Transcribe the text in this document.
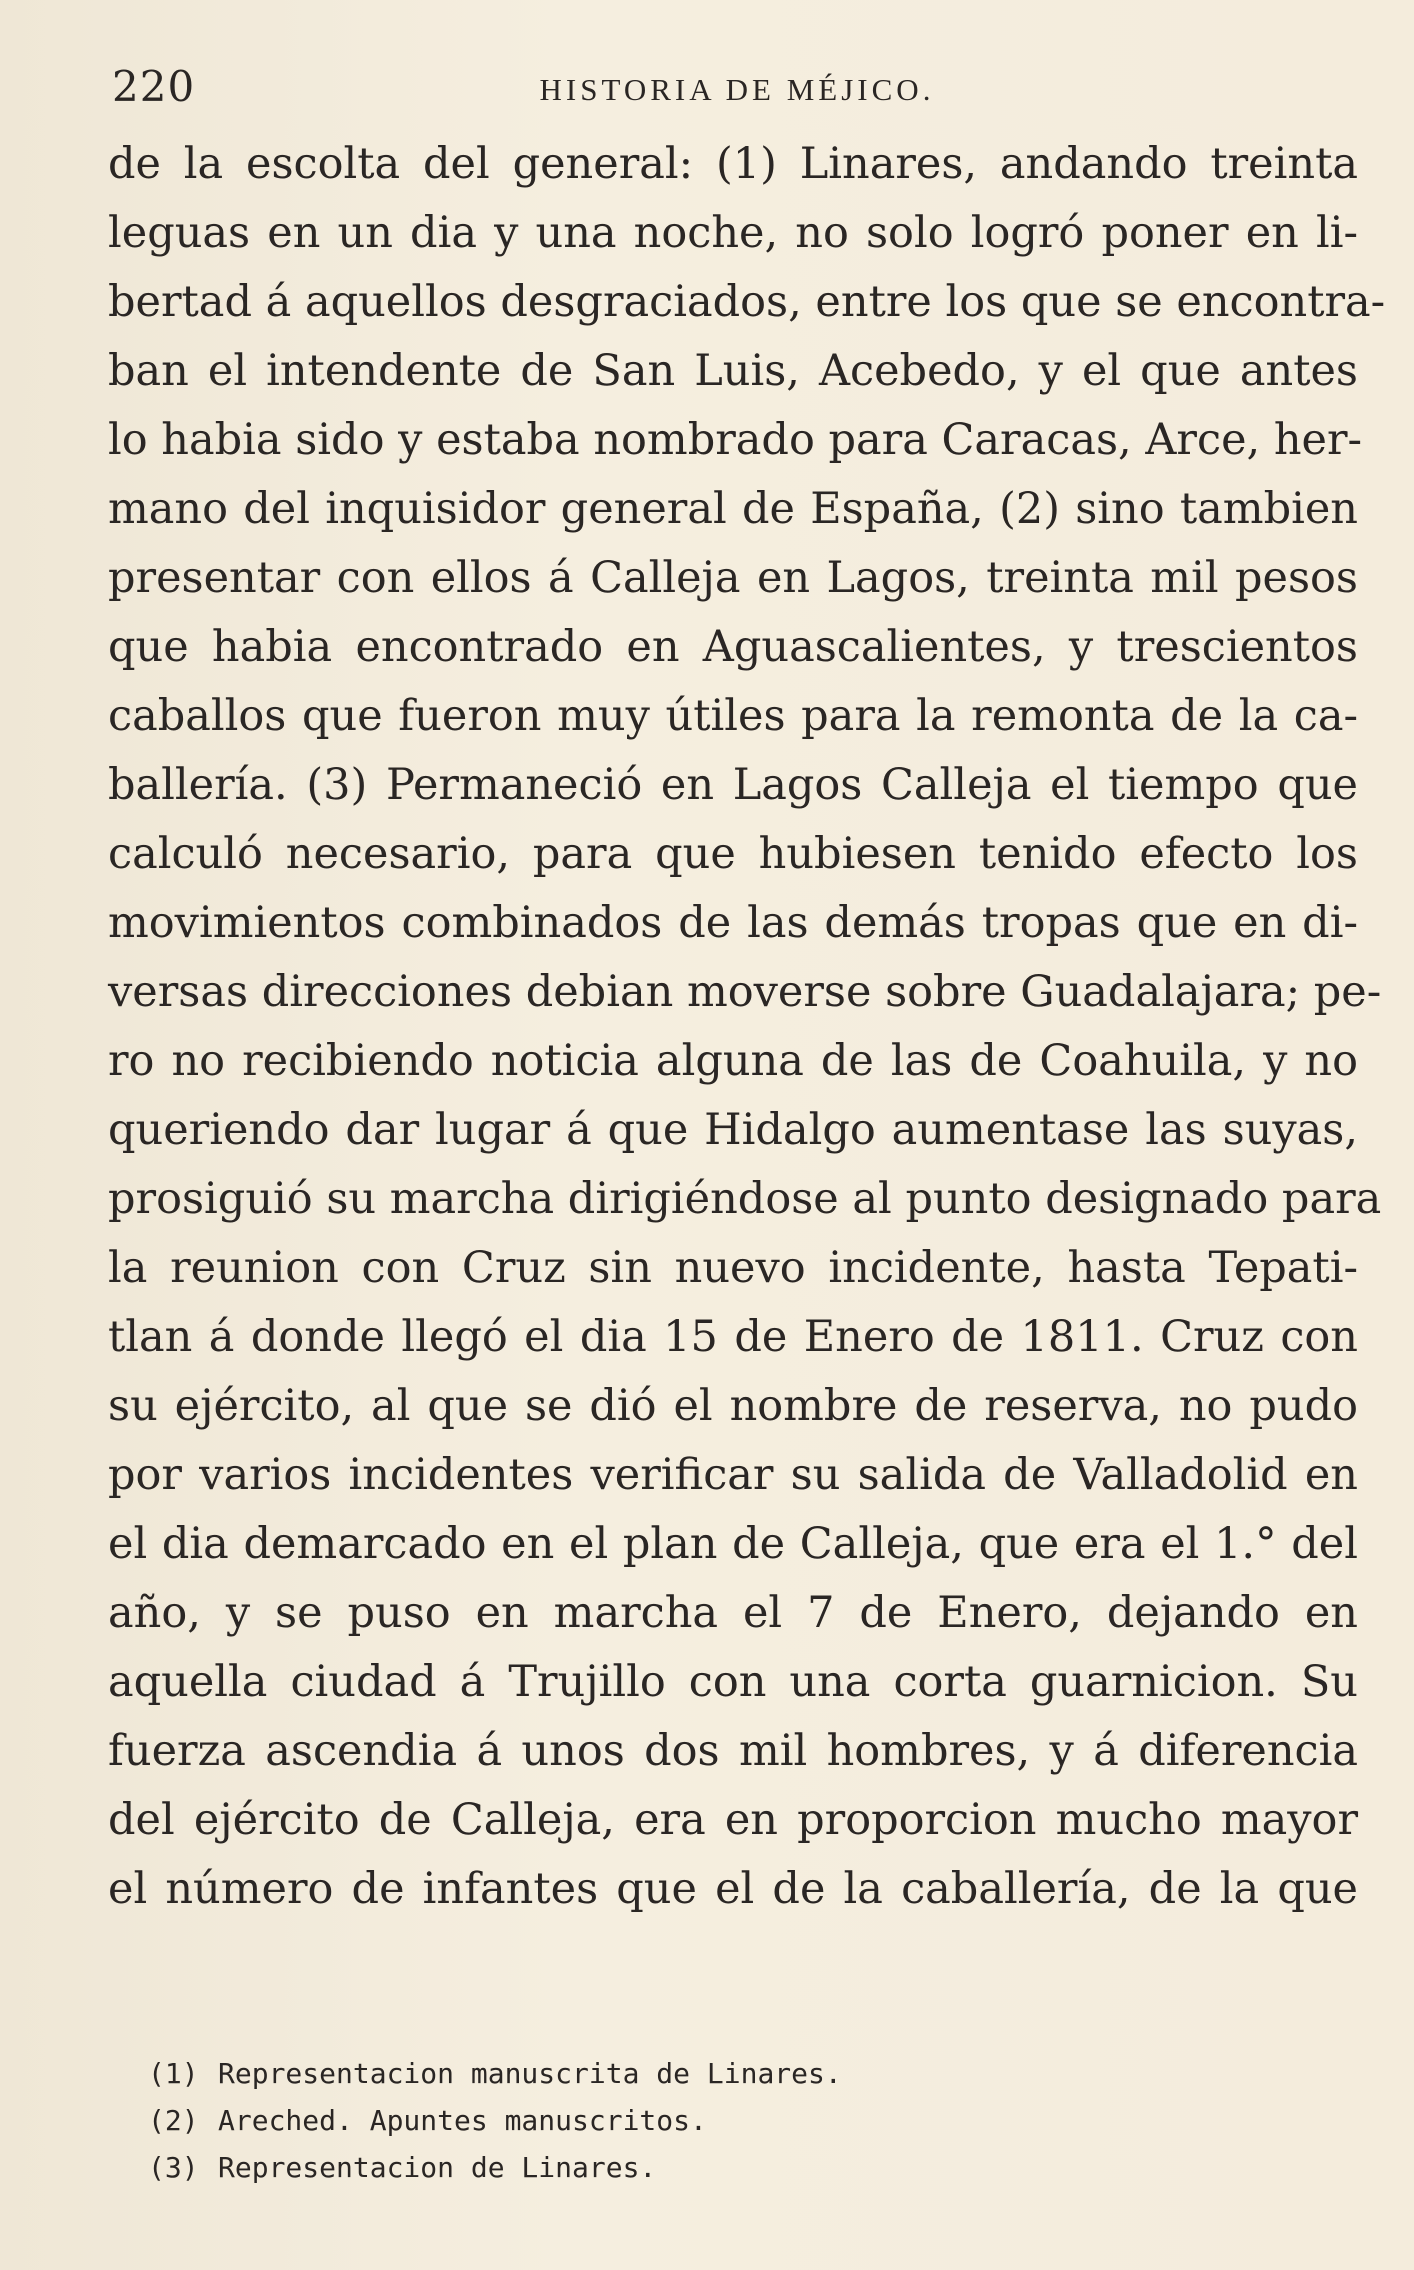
220	HISTORIA DE MÉJICO.
de la escolta del general: (1) Linares, andando treinta
leguas en un dia y una noche, no solo logró poner en li-
bertad á aquellos desgraciados, entre los que se encontra-
ban el intendente de San Luis, Acebedo, y el que antes
lo habia sido y estaba nombrado para Caracas, Arce, her-
mano del inquisidor general de España, (2) sino tambien
presentar con ellos á Calleja en Lagos, treinta mil pesos
que habia encontrado en Aguascalientes, y trescientos
caballos que fueron muy útiles para la remonta de la ca-
ballería. (3) Permaneció en Lagos Calleja el tiempo que
calculó necesario, para que hubiesen tenido efecto los
movimientos combinados de las demás tropas que en di-
versas direcciones debian moverse sobre Guadalajara; pe-
ro no recibiendo noticia alguna de las de Coahuila, y no
queriendo dar lugar á que Hidalgo aumentase las suyas,
prosiguió su marcha dirigiéndose al punto designado para
la reunion con Cruz sin nuevo incidente, hasta Tepati-
tlan á donde llegó el dia 15 de Enero de 1811. Cruz con
su ejército, al que se dió el nombre de reserva, no pudo
por varios incidentes verificar su salida de Valladolid en
el dia demarcado en el plan de Calleja, que era el 1.° del
año, y se puso en marcha el 7 de Enero, dejando en
aquella ciudad á Trujillo con una corta guarnicion. Su
fuerza ascendia á unos dos mil hombres, y á diferencia
del ejército de Calleja, era en proporcion mucho mayor
el número de infantes que el de la caballería, de la que
(1) Representacion manuscrita de Linares.
(2) Areched. Apuntes manuscritos.
(3) Representacion de Linares.
